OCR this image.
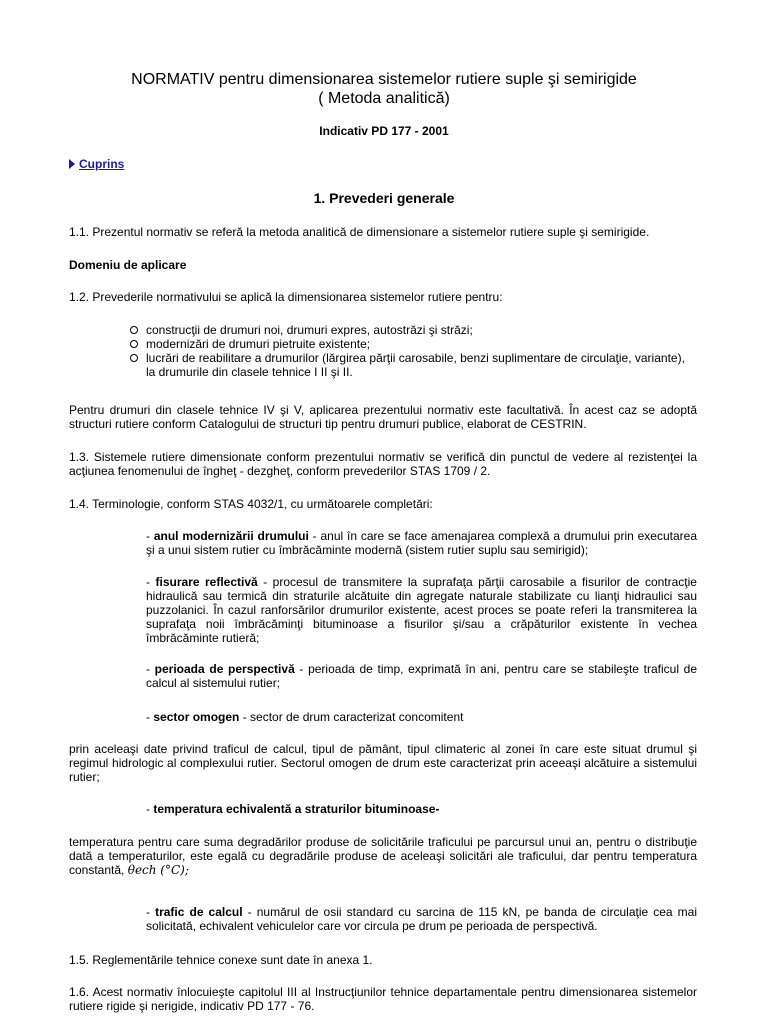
NORMATIV pentru dimensionarea sistemelor rutiere suple şi semirigide
( Metoda analitică)
Indicativ PD 177 - 2001
Cuprins
1. Prevederi generale
1.1. Prezentul normativ se referă la metoda analitică de dimensionare a sistemelor rutiere suple şi semirigide.
Domeniu de aplicare
1.2. Prevederile normativului se aplică la dimensionarea sistemelor rutiere pentru:
construcţii de drumuri noi, drumuri expres, autostrăzi şi străzi;
modernizări de drumuri pietruite existente;
lucrări de reabilitare a drumurilor (lărgirea părţii carosabile, benzi suplimentare de circulaţie, variante), la drumurile din clasele tehnice I II şi II.
Pentru drumuri din clasele tehnice IV şi V, aplicarea prezentului normativ este facultativă. În acest caz se adoptă structuri rutiere conform Catalogului de structuri tip pentru drumuri publice, elaborat de CESTRIN.
1.3. Sistemele rutiere dimensionate conform prezentului normativ se verifică din punctul de vedere al rezistenţei la acţiunea fenomenului de îngheţ - dezgheţ, conform prevederilor STAS 1709 / 2.
1.4. Terminologie, conform STAS 4032/1, cu următoarele completări:
- anul modernizării drumului - anul în care se face amenajarea complexă a drumului prin executarea şi a unui sistem rutier cu îmbrăcăminte modernă (sistem rutier suplu sau semirigid);
- fisurare reflectivă - procesul de transmitere la suprafaţa părţii carosabile a fisurilor de contracţie hidraulică sau termică din straturile alcătuite din agregate naturale stabilizate cu lianţi hidraulici sau puzzolanici. În cazul ranforsărilor drumurilor existente, acest proces se poate referi la transmiterea la suprafaţa noii îmbrăcăminţi bituminoase a fisurilor şi/sau a crăpăturilor existente în vechea îmbrăcăminte rutieră;
- perioada de perspectivă - perioada de timp, exprimată în ani, pentru care se stabileşte traficul de calcul al sistemului rutier;
- sector omogen - sector de drum caracterizat concomitent
prin aceleaşi date privind traficul de calcul, tipul de pământ, tipul climateric al zonei în care este situat drumul şi regimul hidrologic al complexului rutier. Sectorul omogen de drum este caracterizat prin aceeaşi alcătuire a sistemului rutier;
- temperatura echivalentă a straturilor bituminoase-
temperatura pentru care suma degradărilor produse de solicitările traficului pe parcursul unui an, pentru o distribuţie dată a temperaturilor, este egală cu degradările produse de aceleaşi solicitări ale traficului, dar pentru temperatura constantă, θech (°C);
- trafic de calcul - numărul de osii standard cu sarcina de 115 kN, pe banda de circulaţie cea mai solicitată, echivalent vehiculelor care vor circula pe drum pe perioada de perspectivă.
1.5. Reglementările tehnice conexe sunt date în anexa 1.
1.6. Acest normativ înlocuieşte capitolul III al Instrucţiunilor tehnice departamentale pentru dimensionarea sistemelor rutiere rigide şi nerigide, indicativ PD 177 - 76.
